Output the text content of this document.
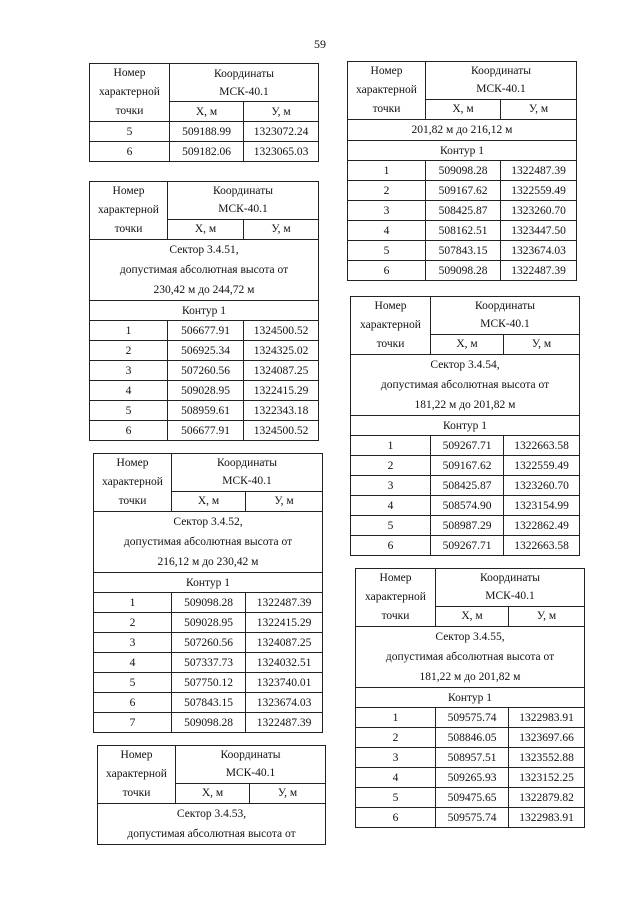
59
Номер
характерной
точки	Координаты
МСК-40.1	

	X, м	У, м
5	509188.99	1323072.24
6	509182.06	1323065.03
Номер
характерной
точки	Координаты
МСК-40.1	
	X, м	У, м
Сектор 3.4.51,
допустимая абсолютная высота от
230,42 м до 244,72 м		
Контур 1		
1	506677.91	1324500.52
2	506925.34	1324325.02
3	507260.56	1324087.25
4	509028.95	1322415.29
5	508959.61	1322343.18
6	506677.91	1324500.52
Номер
характерной
точки	Координаты
МСК-40.1	
	X, м	У, м
Сектор 3.4.52,
допустимая абсолютная высота от
216,12 м до 230,42 м		
Контур 1		
1	509098.28	1322487.39
2	509028.95	1322415.29
3	507260.56	1324087.25
4	507337.73	1324032.51
5	507750.12	1323740.01
6	507843.15	1323674.03
7	509098.28	1322487.39
Номер
характерной
точки	Координаты
МСК-40.1	
	X, м	У, м
Сектор 3.4.53,
допустимая абсолютная высота от		
Номер
характерной
точки	Координаты
МСК-40.1	
	X, м	У, м
201,82 м до 216,12 м		
Контур 1		
1	509098.28	1322487.39
2	509167.62	1322559.49
3	508425.87	1323260.70
4	508162.51	1323447.50
5	507843.15	1323674.03
6	509098.28	1322487.39
Номер
характерной
точки	Координаты
МСК-40.1	
	X, м	У, м
Сектор 3.4.54,
допустимая абсолютная высота от
181,22 м до 201,82 м		
Контур 1		
1	509267.71	1322663.58
2	509167.62	1322559.49
3	508425.87	1323260.70
4	508574.90	1323154.99
5	508987.29	1322862.49
6	509267.71	1322663.58
Номер
характерной
точки	Координаты
МСК-40.1	
	X, м	У, м
Сектор 3.4.55,
допустимая абсолютная высота от
181,22 м до 201,82 м		
Контур 1		
1	509575.74	1322983.91
2	508846.05	1323697.66
3	508957.51	1323552.88
4	509265.93	1323152.25
5	509475.65	1322879.82
6	509575.74	1322983.91
